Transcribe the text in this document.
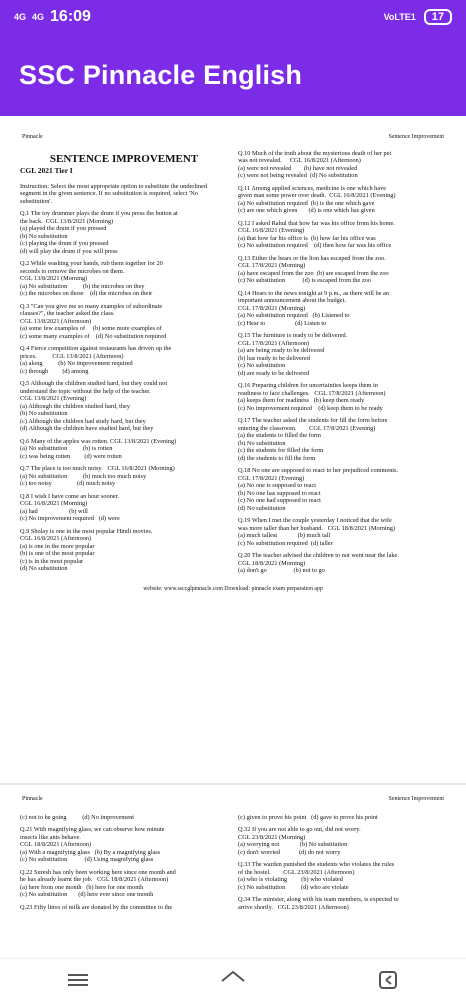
4G 4G 16:09	VoLTE1	17
SSC Pinnacle English
Pinnacle	Sentence Improvement
SENTENCE IMPROVEMENT
CGL 2021 Tier I
Instruction: Select the most appropriate option to substitute the underlined segment in the given sentence. If no substitution is required, select 'No substitution'.
Q.1 The toy drummer plays the drum if you press the button at
the back.  CGL 13/8/2021 (Morning)
(a) played the drum if you pressed
(b) No substitution
(c) playing the drum if you pressed
(d) will play the drum if you will press
Q.2 While washing your hands, rub them together for 20
seconds to remove the microbes on them.
CGL 13/8/2021 (Morning)
(a) No substitution          (b) the microbes on they
(c) the microbes on those    (d) the microbes on their
Q.3 "Can you give me so many examples of subordinate
clauses?", the teacher asked the class.
CGL 13/8/2021 (Afternoon)
(a) some few examples of     (b) some more examples of
(c) some many examples of    (d) No substitution required
Q.4 Fierce competition against restaurants has driven up the
prices.          CGL 13/8/2021 (Afternoon)
(a) along          (b) No improvement required
(c) through         (d) among
Q.5 Although the children studied hard, but they could not
understand the topic without the help of the teacher.
CGL 13/8/2021 (Evening)
(a) Although the children studied hard, they
(b) No substitution
(c) Although the children had study hard, but they
(d) Although the children have studied hard, but they
Q.6 Many of the apples was rotten. CGL 13/8/2021 (Evening)
(a) No substitution          (b) is rotten
(c) was being rotten         (d) were rotten
Q.7 The place is too much noisy.   CGL 16/8/2021 (Morning)
(a) No substitution          (b) much too much noisy
(c) too noisy                (d) much noisy
Q.8 I wish I have come an hour sooner.
CGL 16/8/2021 (Morning)
(a) had                    (b) will
(c) No improvement required   (d) were
Q.9 Sholay is one in the most popular Hindi movies.
CGL 16/8/2021 (Afternoon)
(a) is one in the more popular
(b) is one of the most popular
(c) is in the most popular
(d) No substitution
Q.10 Much of the truth about the mysterious death of her pet
was not revealed.     CGL 16/8/2021 (Afternoon)
(a) were not revealed        (b) have not revealed
(c) were not being revealed  (d) No substitution
Q.11 Among applied sciences, medicine is one which have
given man some power over death.  CGL 16/8/2021 (Evening)
(a) No substitution required  (b) is the one which gave
(c) are one which given       (d) is one which has given
Q.12 I asked Rahul that how far was his office from his home.
CGL 16/8/2021 (Evening)
(a) that how far his office is  (b) how far his office was
(c) No substitution required    (d) then how far was his office
Q.13 Either the bears or the lion has escaped from the zoo.
CGL 17/8/2021 (Morning)
(a) have escaped from the zoo  (b) are escaped from the zoo
(c) No substitution           (d) is escaped from the zoo
Q.14 Hears to the news tonight at 9 p.m., as there will be an
important announcement about the budget.
CGL 17/8/2021 (Morning)
(a) No substitution required   (b) Listened to
(c) Hear to                   (d) Listen to
Q.15 The furniture is ready to be delivered.
CGL 17/8/2021 (Afternoon)
(a) are being ready to be delivered
(b) has ready to be delivered
(c) No substitution
(d) are ready to be delivered
Q.16 Preparing children for uncertainties keeps them in
readiness to face challenges.   CGL 17/8/2021 (Afternoon)
(a) keeps them for readiness   (b) keep them ready
(c) No improvement required    (d) keep them to be ready
Q.17 The teacher asked the students for fill the form before
entering the classroom.        CGL 17/8/2021 (Evening)
(a) the students to filled the form
(b) No substitution
(c) the students for filled the form
(d) the students to fill the form
Q.18 No one are supposed to react to her prejudiced comments.
CGL 17/8/2021 (Evening)
(a) No one is supposed to react
(b) No one has supposed to react
(c) No one had supposed to react
(d) No substitution
Q.19 When I met the couple yesterday I noticed that the wife
was more taller than her husband.   CGL 18/8/2021 (Morning)
(a) much tallest             (b) much tall
(c) No substitution required  (d) taller
Q.20 The teacher advised the children to not went near the lake.
CGL 18/8/2021 (Morning)
(a) don't go                 (b) not to go
website: www.ssccglpinnacle.com Download: pinnacle exam preparation app
Pinnacle	Sentence Improvement
(c) not to be going          (d) No improvement
Q.21 With magnifying glass, we can observe how minute
insects like ants behave.
CGL 18/8/2021 (Afternoon)
(a) With a magnifying glass   (b) By a magnifying glass
(c) No substitution           (d) Using magnifying glass
Q.22 Suresh has only been working here since one month and
he has already learnt the job.   CGL 18/8/2021 (Afternoon)
(a) here from one month   (b) here for one month
(c) No substitution       (d) here ever since one month
Q.23 Fifty litres of milk are donated by the committee to the
(c) given to prove his point   (d) gave to prove his point
Q.32 If you are not able to go out, did not worry.
CGL 23/8/2021 (Morning)
(a) worrying not             (b) No substitution
(c) don't worried            (d) do not worry
Q.33 The warden punished the students who violates the rules
of the hostel.        CGL 23/8/2021 (Afternoon)
(a) who is violating         (b) who violated
(c) No substitution          (d) who are violate
Q.34 The minister, along with his team members, is expected to
arrive shortly.   CGL 23/8/2021 (Afternoon)
